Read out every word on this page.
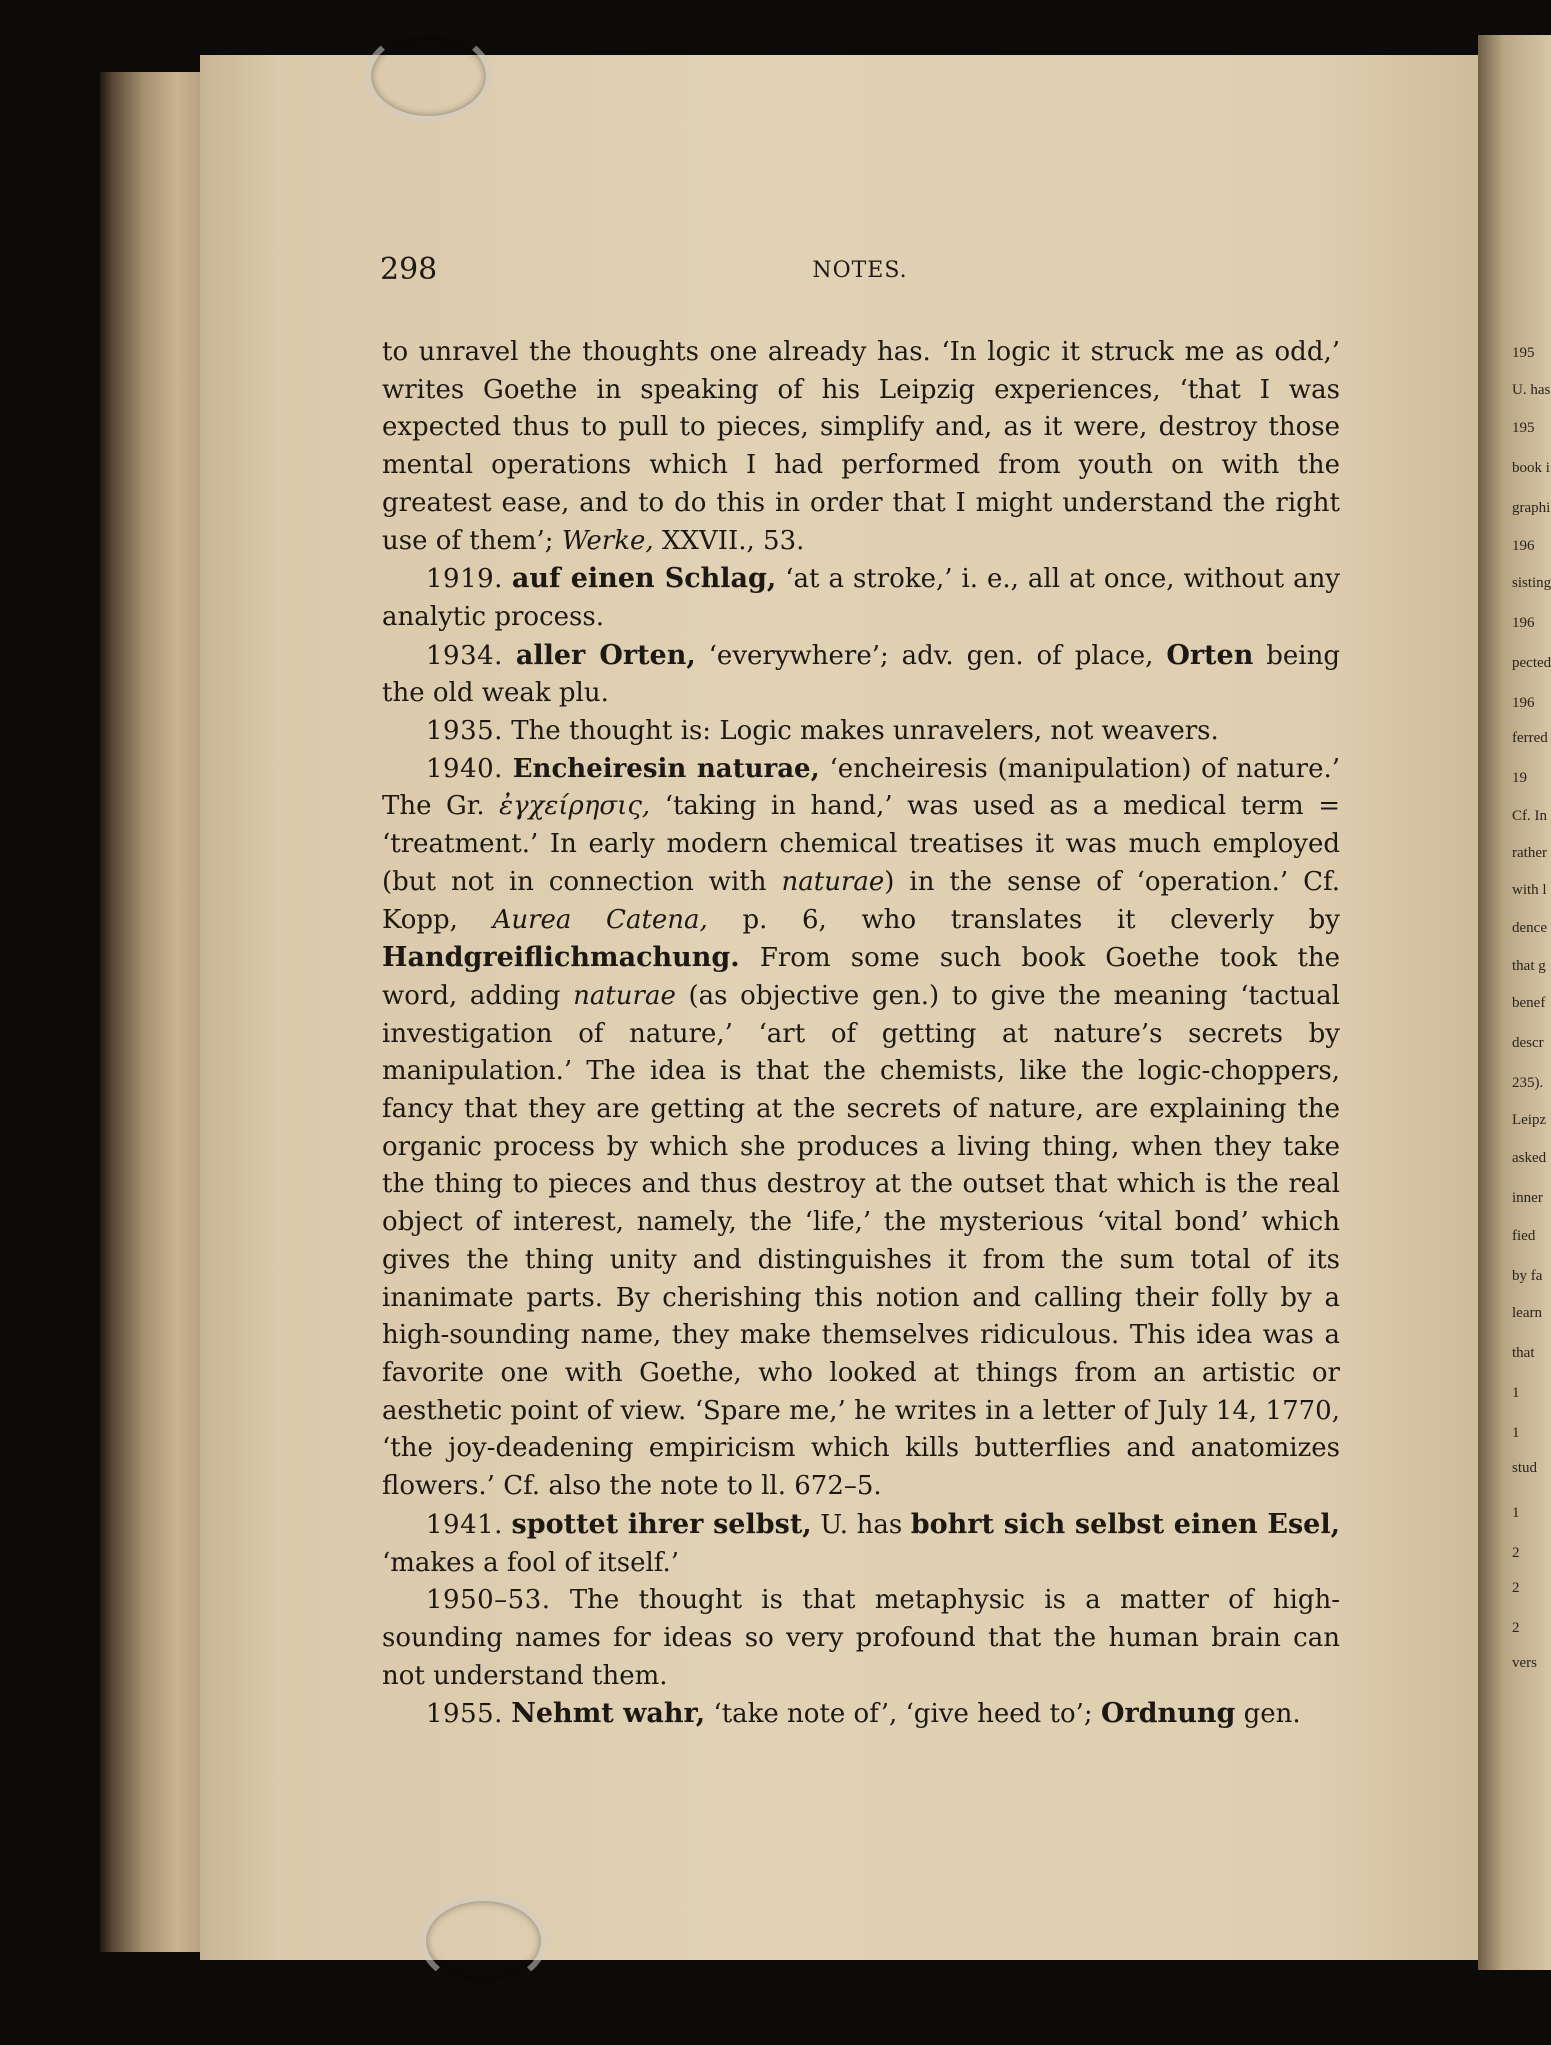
298	NOTES.

to unravel the thoughts one already has. ‘In logic it struck me as odd,’ writes Goethe in speaking of his Leipzig experiences, ‘that I was expected thus to pull to pieces, simplify and, as it were, destroy those mental operations which I had performed from youth on with the greatest ease, and to do this in order that I might understand the right use of them’; Werke, XXVII., 53.

1919. auf einen Schlag, ‘at a stroke,’ i. e., all at once, without any analytic process.

1934. aller Orten, ‘everywhere’; adv. gen. of place, Orten being the old weak plu.

1935. The thought is: Logic makes unravelers, not weavers.

1940. Encheiresin naturae, ‘encheiresis (manipulation) of nature.’ The Gr. ἐγχείρησις, ‘taking in hand,’ was used as a medical term = ‘treatment.’ In early modern chemical treatises it was much employed (but not in connection with naturae) in the sense of ‘operation.’ Cf. Kopp, Aurea Catena, p. 6, who translates it cleverly by Handgreiflichmachung. From some such book Goethe took the word, adding naturae (as objective gen.) to give the meaning ‘tactual investigation of nature,’ ‘art of getting at nature’s secrets by manipulation.’ The idea is that the chemists, like the logic-choppers, fancy that they are getting at the secrets of nature, are explaining the organic process by which she produces a living thing, when they take the thing to pieces and thus destroy at the outset that which is the real object of interest, namely, the ‘life,’ the mysterious ‘vital bond’ which gives the thing unity and distinguishes it from the sum total of its inanimate parts. By cherishing this notion and calling their folly by a high-sounding name, they make themselves ridiculous. This idea was a favorite one with Goethe, who looked at things from an artistic or aesthetic point of view. ‘Spare me,’ he writes in a letter of July 14, 1770, ‘the joy-deadening empiricism which kills butterflies and anatomizes flowers.’ Cf. also the note to ll. 672–5.

1941. spottet ihrer selbst, U. has bohrt sich selbst einen Esel, ‘makes a fool of itself.’

1950–53. The thought is that metaphysic is a matter of high-sounding names for ideas so very profound that the human brain can not understand them.

1955. Nehmt wahr, ‘take note of’, ‘give heed to’; Ordnung gen.

195
U. has
195
book i
graphi
196
sisting
196
pected
196
ferred
19
Cf. In
rather
with l
dence
that g
benef
descr
235).
Leipz
asked
inner
fied
by fa
learn
that
1
1
stud
1
2
2
2
vers
